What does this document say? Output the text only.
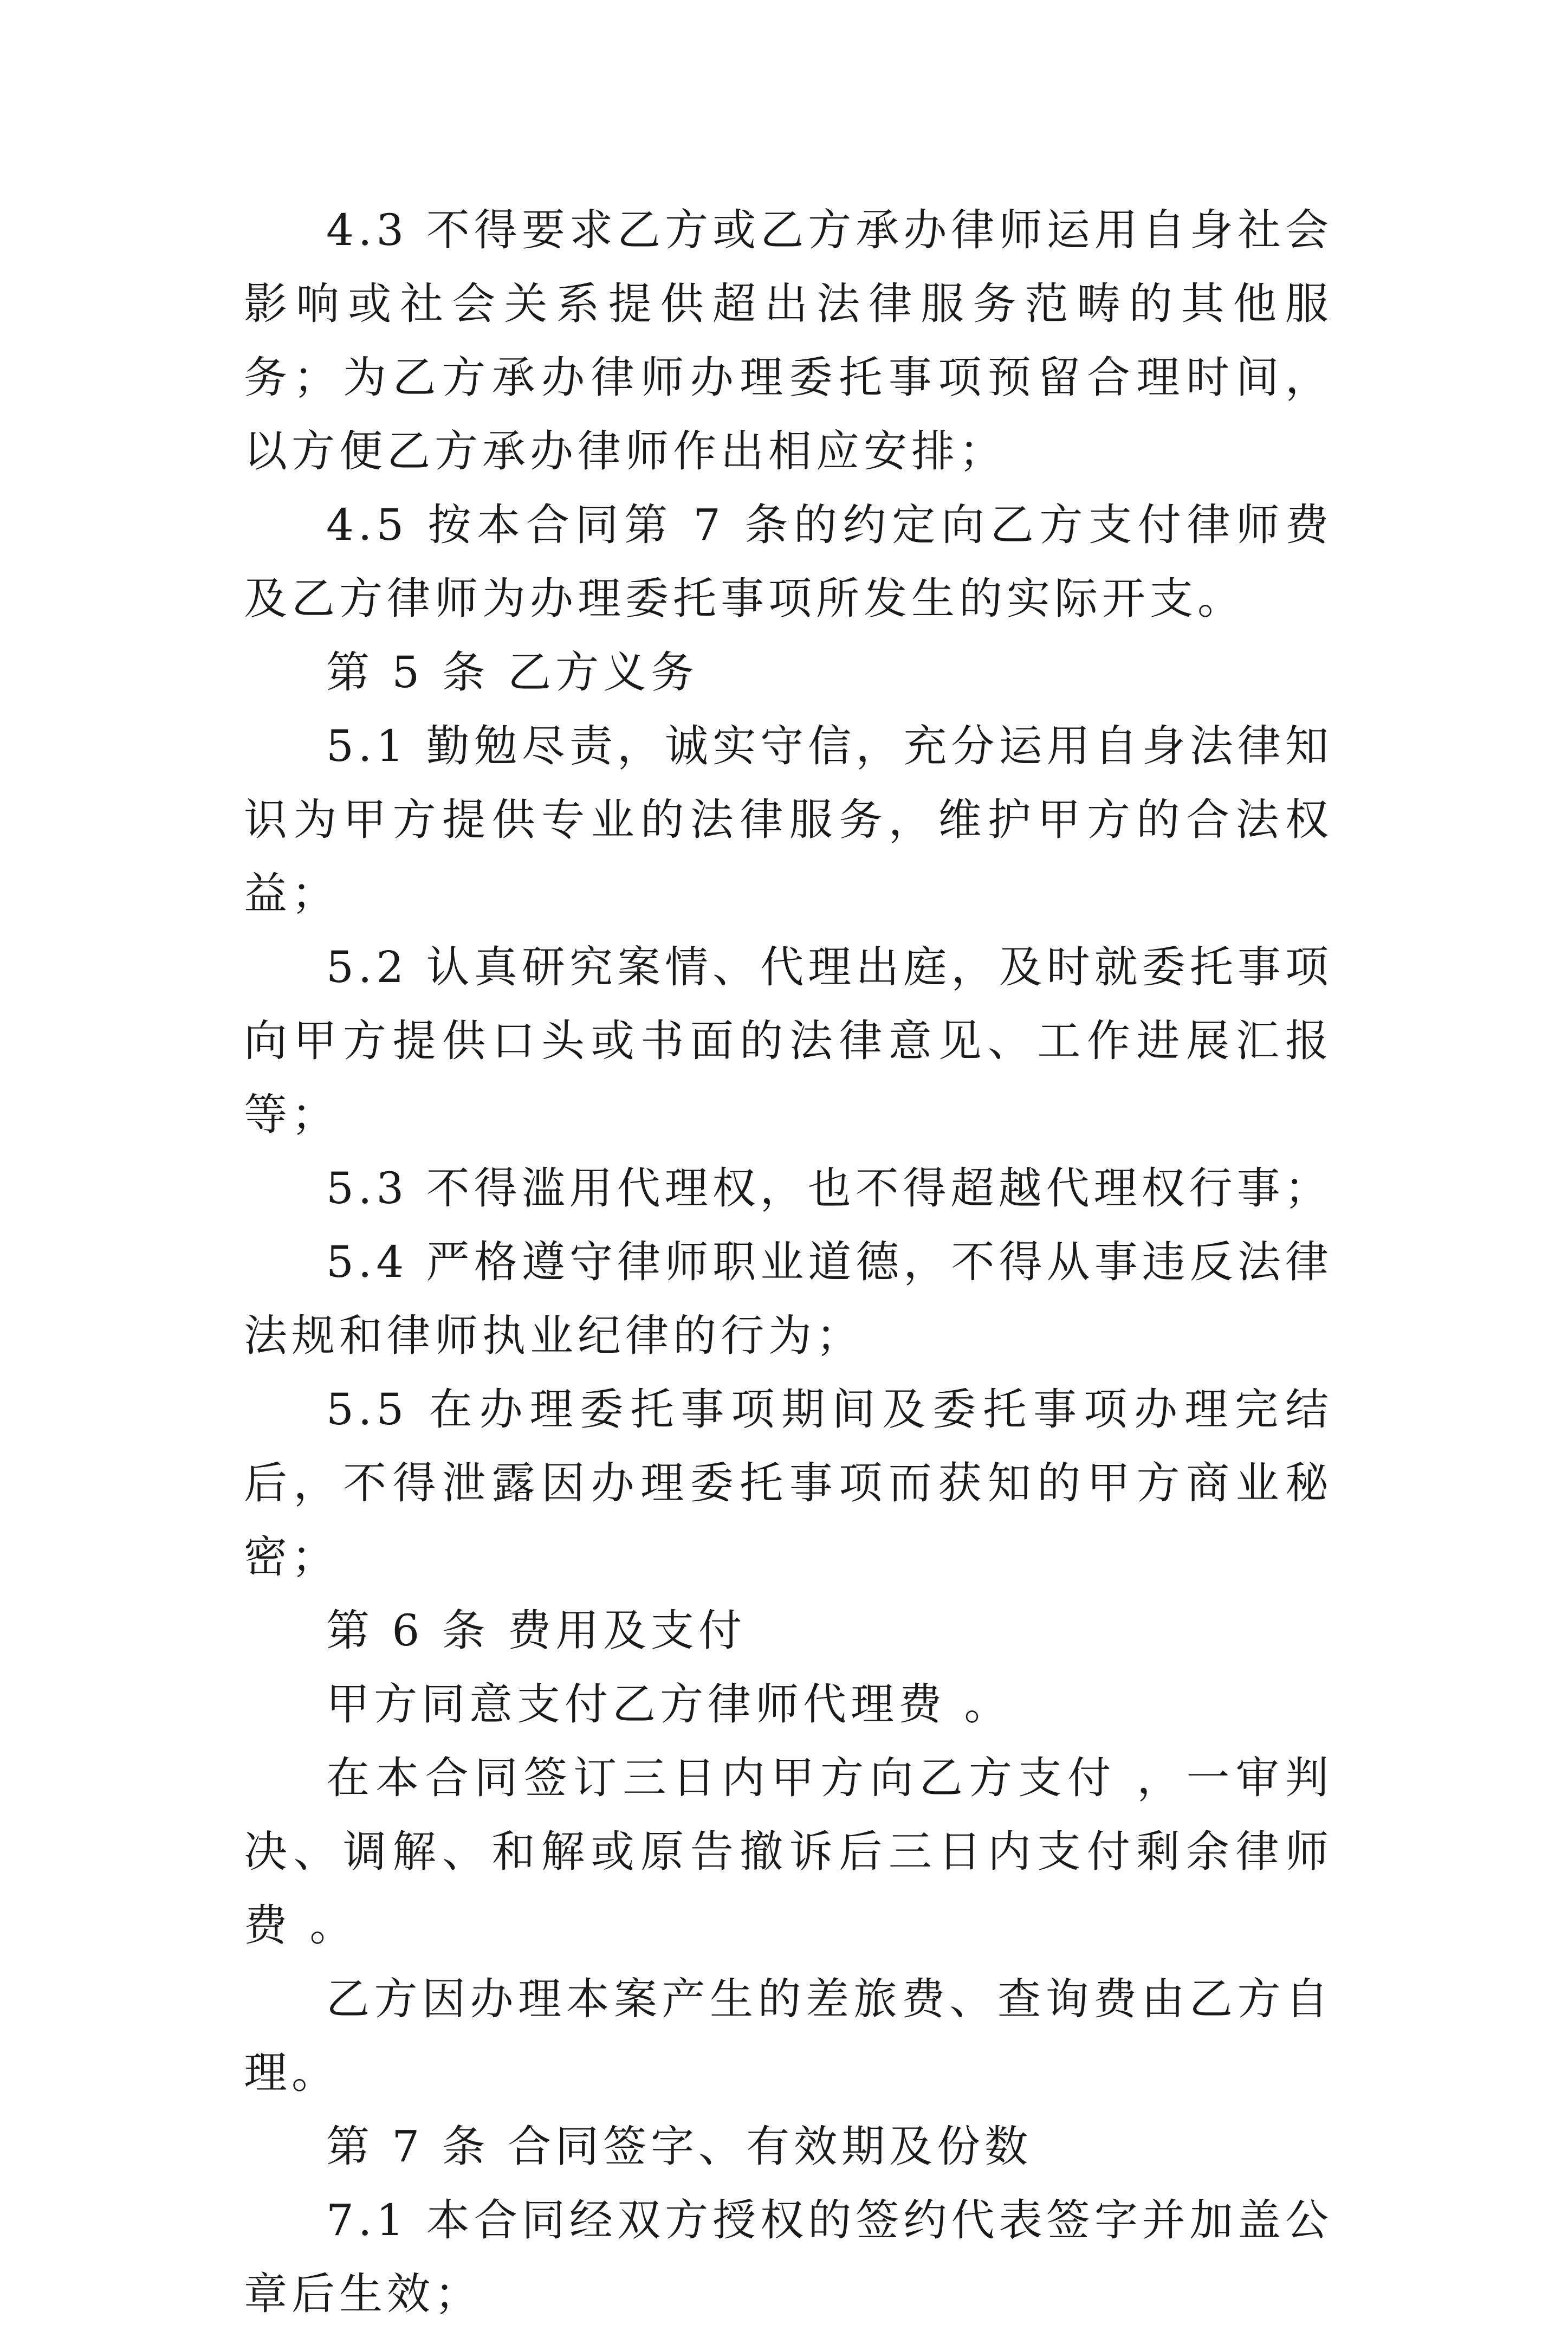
4.3 不得要求乙方或乙方承办律师运用自身社会影响或社会关系提供超出法律服务范畴的其他服务；为乙方承办律师办理委托事项预留合理时间，以方便乙方承办律师作出相应安排；

4.5 按本合同第 7 条的约定向乙方支付律师费及乙方律师为办理委托事项所发生的实际开支。

第 5 条 乙方义务

5.1 勤勉尽责，诚实守信，充分运用自身法律知识为甲方提供专业的法律服务，维护甲方的合法权益；

5.2 认真研究案情、代理出庭，及时就委托事项向甲方提供口头或书面的法律意见、工作进展汇报等；

5.3 不得滥用代理权，也不得超越代理权行事；

5.4 严格遵守律师职业道德，不得从事违反法律法规和律师执业纪律的行为；

5.5 在办理委托事项期间及委托事项办理完结后，不得泄露因办理委托事项而获知的甲方商业秘密；

第 6 条 费用及支付

甲方同意支付乙方律师代理费 。

在本合同签订三日内甲方向乙方支付 ，一审判决、调解、和解或原告撤诉后三日内支付剩余律师费 。

乙方因办理本案产生的差旅费、查询费由乙方自理。

第 7 条 合同签字、有效期及份数

7.1 本合同经双方授权的签约代表签字并加盖公章后生效；
